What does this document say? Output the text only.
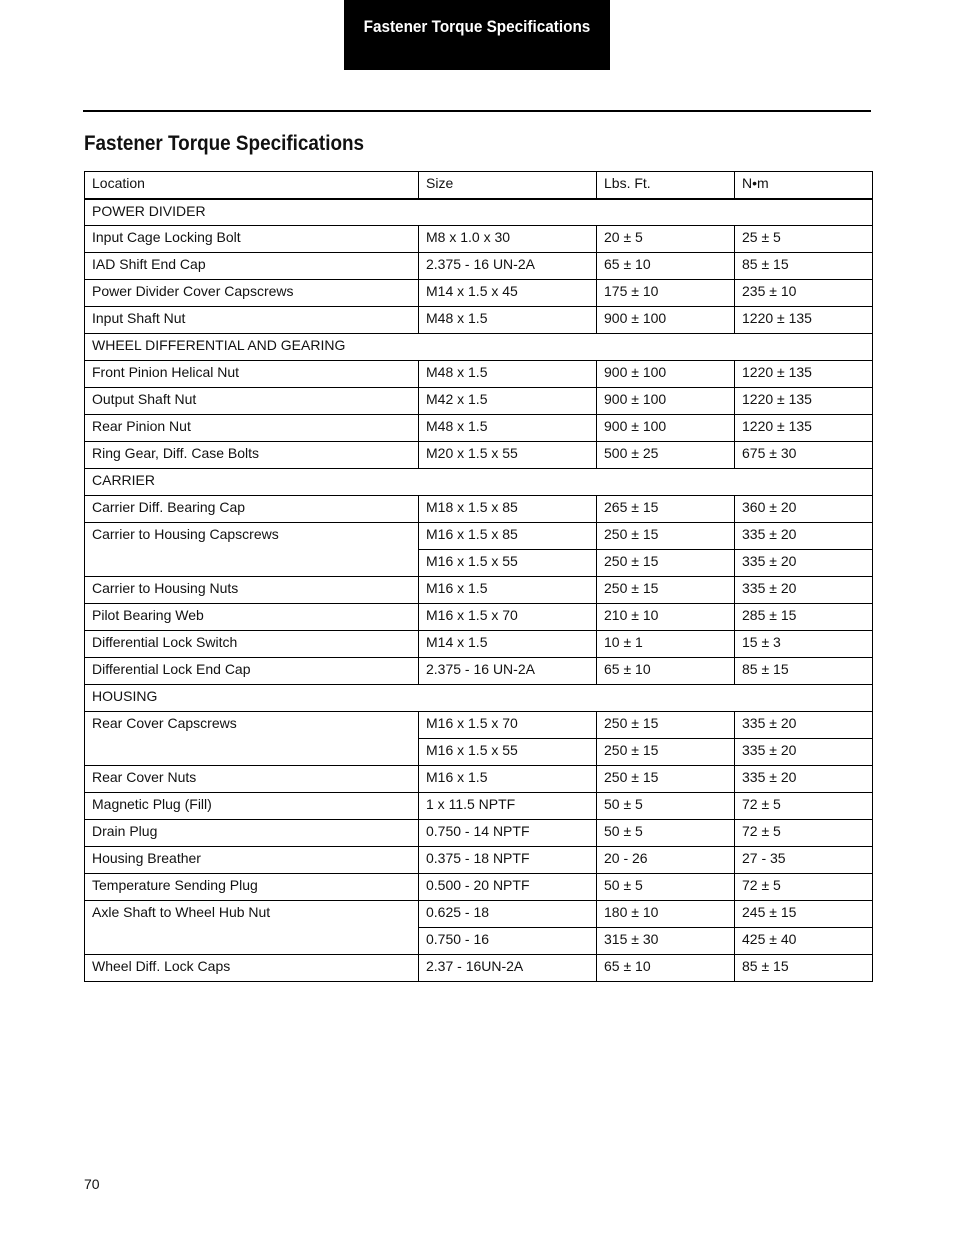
Fastener Torque Specifications
Fastener Torque Specifications
Location	Size	Lbs. Ft.	N•m
POWER DIVIDER			
Input Cage Locking Bolt	M8 x 1.0 x 30	20 ± 5	25 ± 5
IAD Shift End Cap	2.375 - 16 UN-2A	65 ± 10	85 ± 15
Power Divider Cover Capscrews	M14 x 1.5 x 45	175 ± 10	235 ± 10
Input Shaft Nut	M48 x 1.5	900 ± 100	1220 ± 135
WHEEL DIFFERENTIAL AND GEARING			
Front Pinion Helical Nut	M48 x 1.5	900 ± 100	1220 ± 135
Output Shaft Nut	M42 x 1.5	900 ± 100	1220 ± 135
Rear Pinion Nut	M48 x 1.5	900 ± 100	1220 ± 135
Ring Gear, Diff. Case Bolts	M20 x 1.5 x 55	500 ± 25	675 ± 30
CARRIER			
Carrier Diff. Bearing Cap	M18 x 1.5 x 85	265 ± 15	360 ± 20
Carrier to Housing Capscrews	M16 x 1.5 x 85	250 ± 15	335 ± 20
	M16 x 1.5 x 55	250 ± 15	335 ± 20
Carrier to Housing Nuts	M16 x 1.5	250 ± 15	335 ± 20
Pilot Bearing Web	M16 x 1.5 x 70	210 ± 10	285 ± 15
Differential Lock Switch	M14 x 1.5	10 ± 1	15 ± 3
Differential Lock End Cap	2.375 - 16 UN-2A	65 ± 10	85 ± 15
HOUSING			
Rear Cover Capscrews	M16 x 1.5 x 70	250 ± 15	335 ± 20
	M16 x 1.5 x 55	250 ± 15	335 ± 20
Rear Cover Nuts	M16 x 1.5	250 ± 15	335 ± 20
Magnetic Plug (Fill)	1 x 11.5 NPTF	50 ± 5	72 ± 5
Drain Plug	0.750 - 14 NPTF	50 ± 5	72 ± 5
Housing Breather	0.375 - 18 NPTF	20 - 26	27 - 35
Temperature Sending Plug	0.500 - 20 NPTF	50 ± 5	72 ± 5
Axle Shaft to Wheel Hub Nut	0.625 - 18	180 ± 10	245 ± 15
	0.750 - 16	315 ± 30	425 ± 40
Wheel Diff. Lock Caps	2.37 - 16UN-2A	65 ± 10	85 ± 15
70
